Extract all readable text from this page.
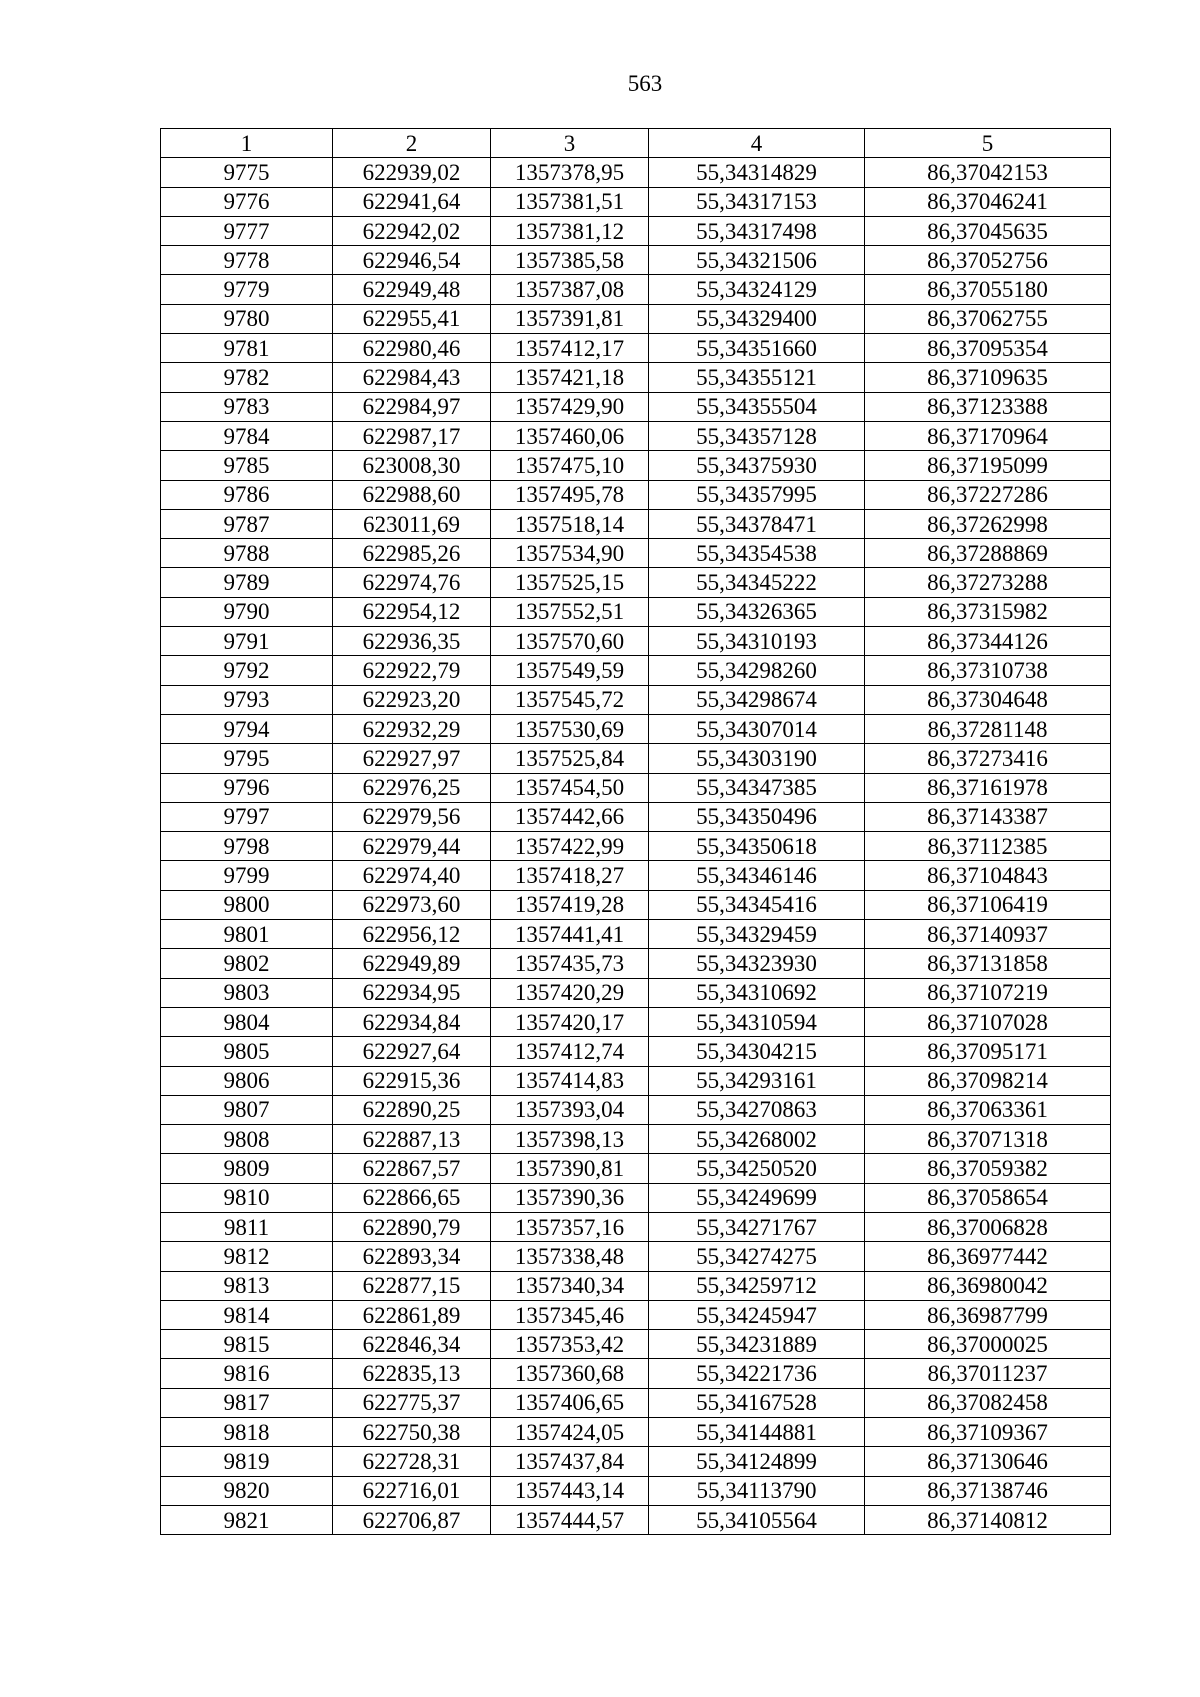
563
1	2	3	4	5
9775	622939,02	1357378,95	55,34314829	86,37042153
9776	622941,64	1357381,51	55,34317153	86,37046241
9777	622942,02	1357381,12	55,34317498	86,37045635
9778	622946,54	1357385,58	55,34321506	86,37052756
9779	622949,48	1357387,08	55,34324129	86,37055180
9780	622955,41	1357391,81	55,34329400	86,37062755
9781	622980,46	1357412,17	55,34351660	86,37095354
9782	622984,43	1357421,18	55,34355121	86,37109635
9783	622984,97	1357429,90	55,34355504	86,37123388
9784	622987,17	1357460,06	55,34357128	86,37170964
9785	623008,30	1357475,10	55,34375930	86,37195099
9786	622988,60	1357495,78	55,34357995	86,37227286
9787	623011,69	1357518,14	55,34378471	86,37262998
9788	622985,26	1357534,90	55,34354538	86,37288869
9789	622974,76	1357525,15	55,34345222	86,37273288
9790	622954,12	1357552,51	55,34326365	86,37315982
9791	622936,35	1357570,60	55,34310193	86,37344126
9792	622922,79	1357549,59	55,34298260	86,37310738
9793	622923,20	1357545,72	55,34298674	86,37304648
9794	622932,29	1357530,69	55,34307014	86,37281148
9795	622927,97	1357525,84	55,34303190	86,37273416
9796	622976,25	1357454,50	55,34347385	86,37161978
9797	622979,56	1357442,66	55,34350496	86,37143387
9798	622979,44	1357422,99	55,34350618	86,37112385
9799	622974,40	1357418,27	55,34346146	86,37104843
9800	622973,60	1357419,28	55,34345416	86,37106419
9801	622956,12	1357441,41	55,34329459	86,37140937
9802	622949,89	1357435,73	55,34323930	86,37131858
9803	622934,95	1357420,29	55,34310692	86,37107219
9804	622934,84	1357420,17	55,34310594	86,37107028
9805	622927,64	1357412,74	55,34304215	86,37095171
9806	622915,36	1357414,83	55,34293161	86,37098214
9807	622890,25	1357393,04	55,34270863	86,37063361
9808	622887,13	1357398,13	55,34268002	86,37071318
9809	622867,57	1357390,81	55,34250520	86,37059382
9810	622866,65	1357390,36	55,34249699	86,37058654
9811	622890,79	1357357,16	55,34271767	86,37006828
9812	622893,34	1357338,48	55,34274275	86,36977442
9813	622877,15	1357340,34	55,34259712	86,36980042
9814	622861,89	1357345,46	55,34245947	86,36987799
9815	622846,34	1357353,42	55,34231889	86,37000025
9816	622835,13	1357360,68	55,34221736	86,37011237
9817	622775,37	1357406,65	55,34167528	86,37082458
9818	622750,38	1357424,05	55,34144881	86,37109367
9819	622728,31	1357437,84	55,34124899	86,37130646
9820	622716,01	1357443,14	55,34113790	86,37138746
9821	622706,87	1357444,57	55,34105564	86,37140812
